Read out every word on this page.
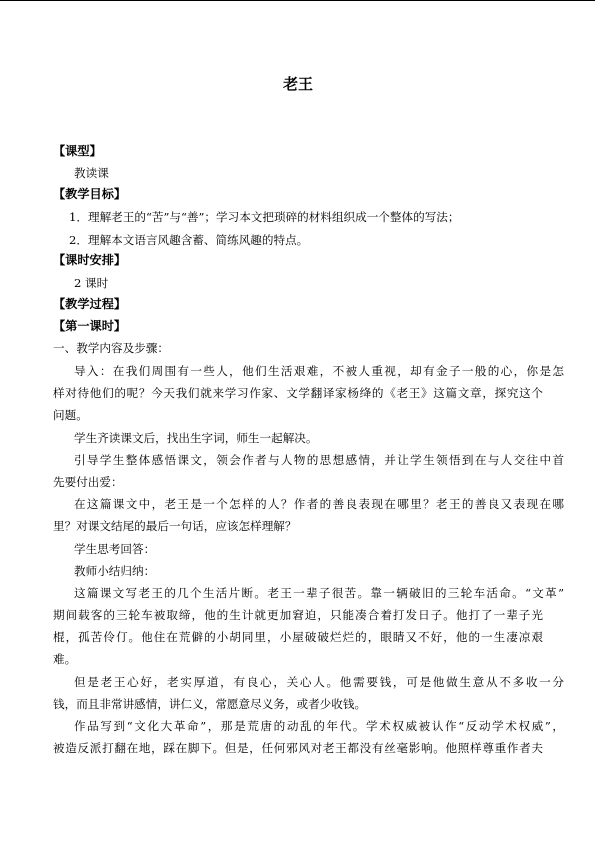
老王
【课型】
教读课
【教学目标】
1．理解老王的“苦”与“善”；学习本文把琐碎的材料组织成一个整体的写法；
2．理解本文语言风趣含蓄、简练风趣的特点。
【课时安排】
2 课时
【教学过程】
【第一课时】
一、教学内容及步骤：
导入：在我们周围有一些人，他们生活艰难，不被人重视，却有金子一般的心，你是怎
样对待他们的呢？今天我们就来学习作家、文学翻译家杨绛的《老王》这篇文章，探究这个
问题。
学生齐读课文后，找出生字词，师生一起解决。
引导学生整体感悟课文，领会作者与人物的思想感情，并让学生领悟到在与人交往中首
先要付出爱：
在这篇课文中，老王是一个怎样的人？作者的善良表现在哪里？老王的善良又表现在哪
里？对课文结尾的最后一句话，应该怎样理解？
学生思考回答：
教师小结归纳：
这篇课文写老王的几个生活片断。老王一辈子很苦。靠一辆破旧的三轮车活命。“文革”
期间载客的三轮车被取缔，他的生计就更加窘迫，只能凑合着打发日子。他打了一辈子光
棍，孤苦伶仃。他住在荒僻的小胡同里，小屋破破烂烂的，眼睛又不好，他的一生凄凉艰
难。
但是老王心好，老实厚道，有良心，关心人。他需要钱，可是他做生意从不多收一分
钱，而且非常讲感情，讲仁义，常愿意尽义务，或者少收钱。
作品写到“文化大革命”，那是荒唐的动乱的年代。学术权威被认作“反动学术权威”，
被造反派打翻在地，踩在脚下。但是，任何邪风对老王都没有丝毫影响。他照样尊重作者夫
